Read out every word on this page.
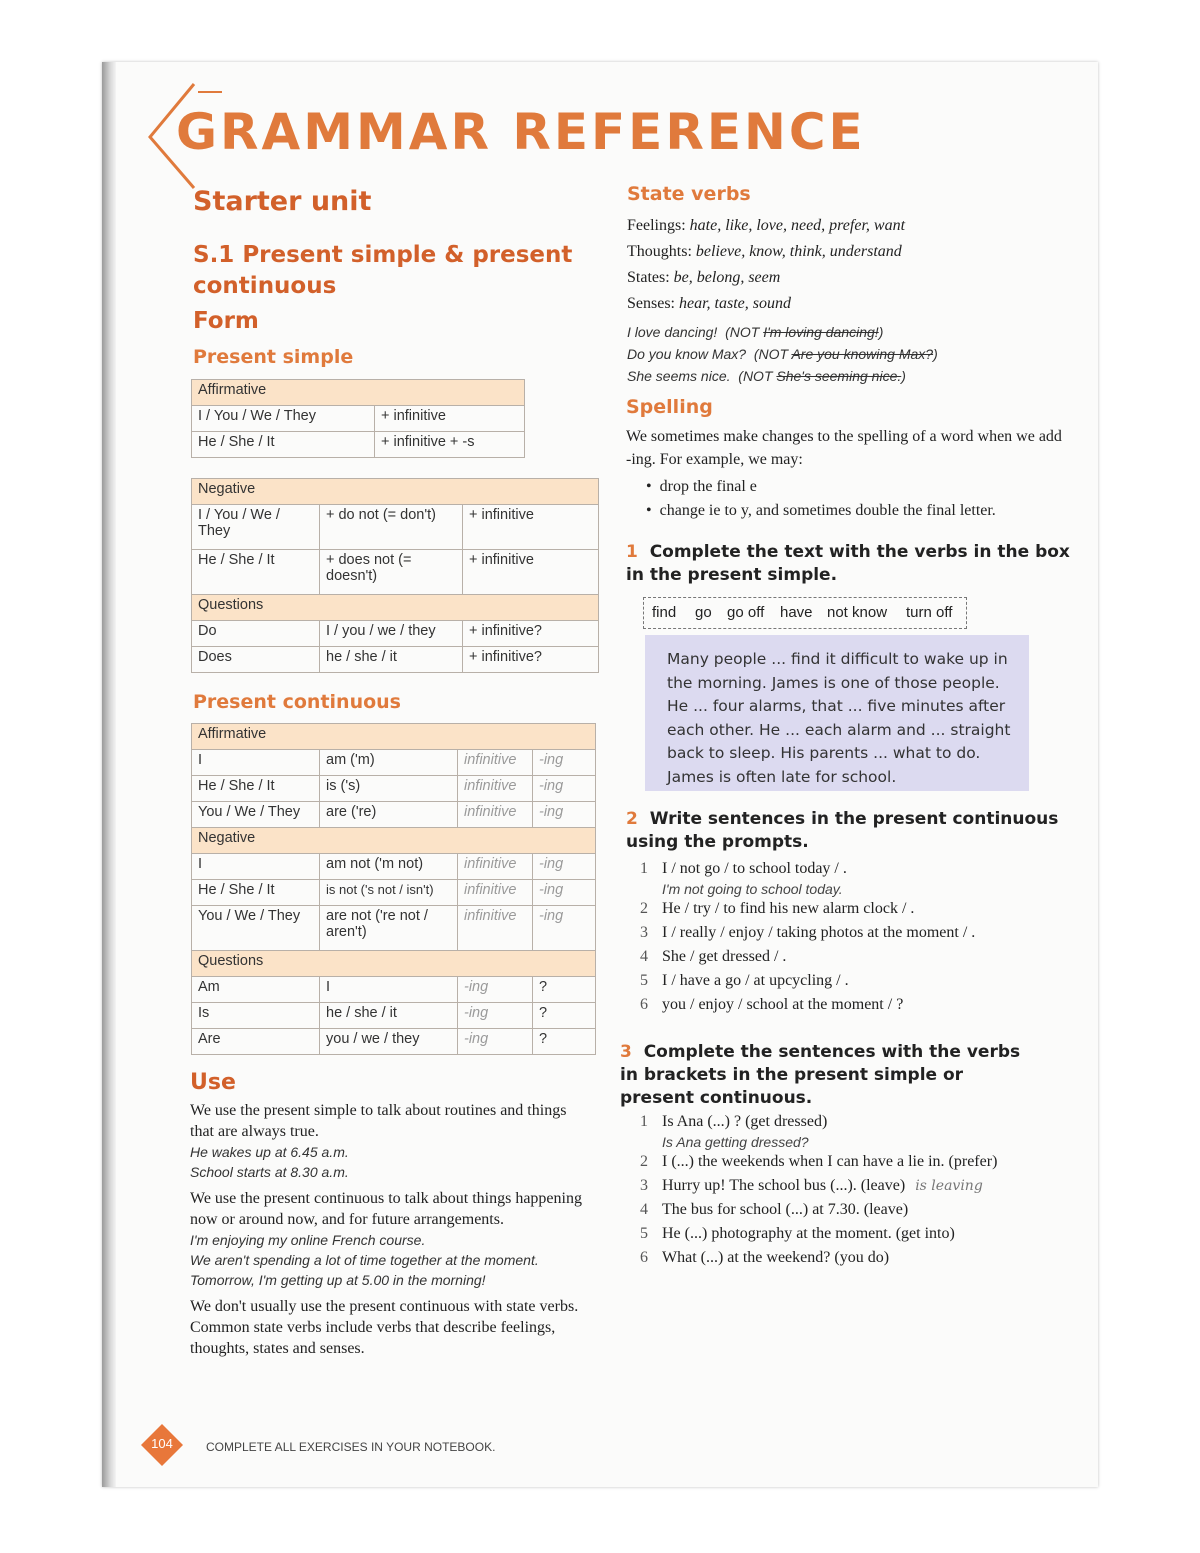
GRAMMAR REFERENCE
Starter unit
S.1 Present simple & present continuous
Form
Present simple
Affirmative	
I / You / We / They	+ infinitive
He / She / It	+ infinitive + -s
Negative		
I / You / We / They	+ do not (= don't)	+ infinitive
He / She / It	+ does not (= doesn't)	+ infinitive
Questions		
Do	I / you / we / they	+ infinitive?
Does	he / she / it	+ infinitive?
Present continuous
Affirmative			
I	am ('m)	infinitive	-ing
He / She / It	is ('s)	infinitive	-ing
You / We / They	are ('re)	infinitive	-ing
Negative			
I	am not ('m not)	infinitive	-ing
He / She / It	is not ('s not / isn't)	infinitive	-ing
You / We / They	are not ('re not / aren't)	infinitive	-ing
Questions			
Am	I	-ing	?
Is	he / she / it	-ing	?
Are	you / we / they	-ing	?
Use
We use the present simple to talk about routines and things that are always true.
He wakes up at 6.45 a.m.
School starts at 8.30 a.m.
We use the present continuous to talk about things happening now or around now, and for future arrangements.
I'm enjoying my online French course.
We aren't spending a lot of time together at the moment.
Tomorrow, I'm getting up at 5.00 in the morning!
We don't usually use the present continuous with state verbs. Common state verbs include verbs that describe feelings, thoughts, states and senses.
State verbs
Feelings: hate, like, love, need, prefer, want
Thoughts: believe, know, think, understand
States: be, belong, seem
Senses: hear, taste, sound
I love dancing! (NOT I'm loving dancing!)
Do you know Max? (NOT Are you knowing Max?)
She seems nice. (NOT She's seeming nice.)
Spelling
We sometimes make changes to the spelling of a word when we add -ing. For example, we may:
•  drop the final e
•  change ie to y, and sometimes double the final letter.
1 Complete the text with the verbs in the box in the present simple.
find go go off have not know turn off
Many people ... find it difficult to wake up in the morning. James is one of those people. He ... four alarms, that ... five minutes after each other. He ... each alarm and ... straight back to sleep. His parents ... what to do. James is often late for school.
2 Write sentences in the present continuous using the prompts.
1 I / not go / to school today / .
I'm not going to school today.
2 He / try / to find his new alarm clock / .
3 I / really / enjoy / taking photos at the moment / .
4 She / get dressed / .
5 I / have a go / at upcycling / .
6 you / enjoy / school at the moment / ?
3 Complete the sentences with the verbs in brackets in the present simple or present continuous.
1 Is Ana (...) ? (get dressed)
Is Ana getting dressed?
2 I (...) the weekends when I can have a lie in. (prefer)
3 Hurry up! The school bus (...). (leave) is leaving
4 The bus for school (...) at 7.30. (leave)
5 He (...) photography at the moment. (get into)
6 What (...) at the weekend? (you do)
104	COMPLETE ALL EXERCISES IN YOUR NOTEBOOK.
